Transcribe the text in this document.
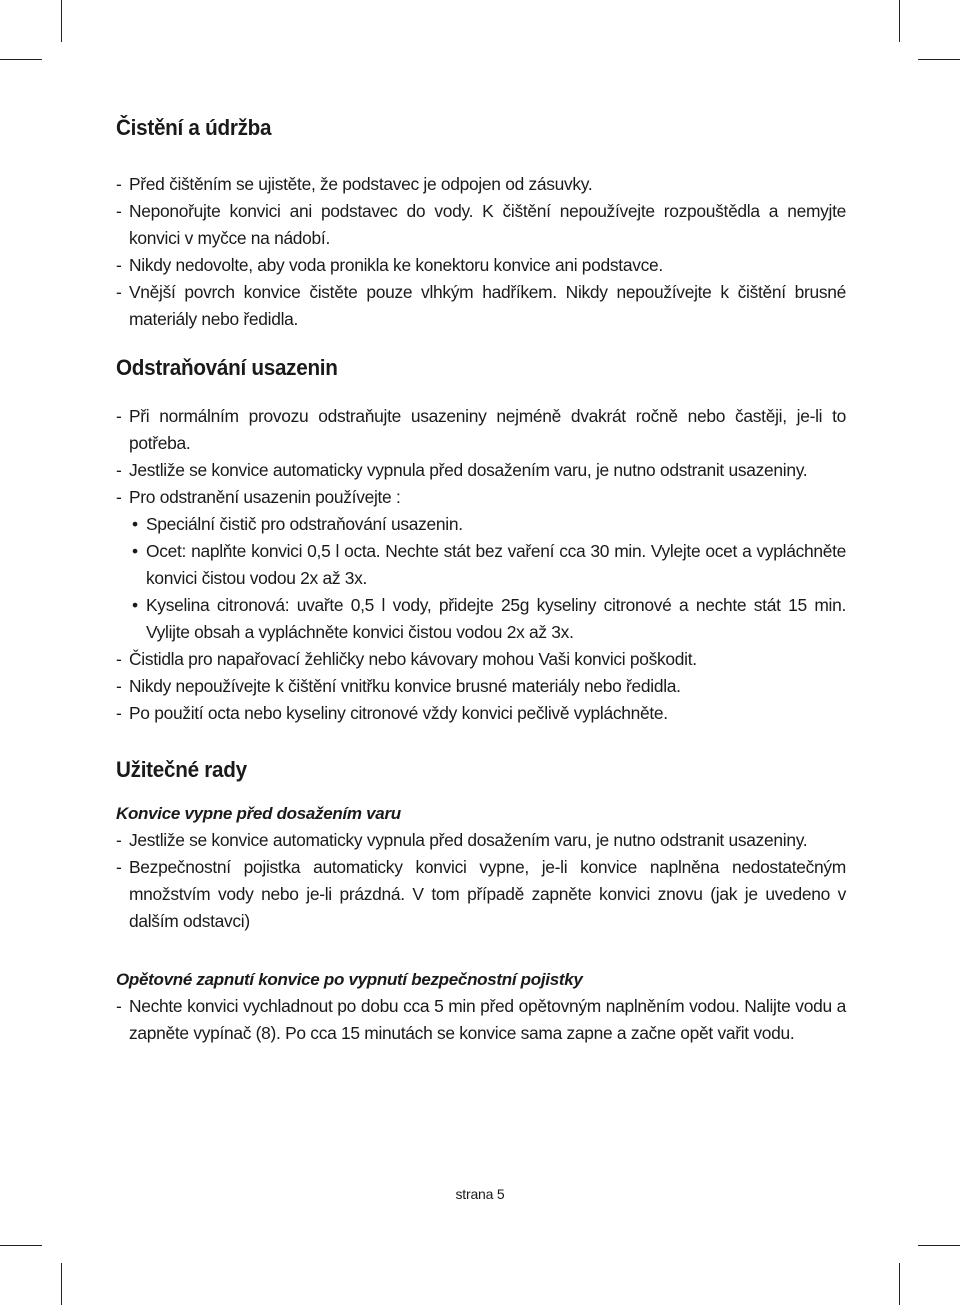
Čistění a údržba
- Před čištěním se ujistěte, že podstavec je odpojen od zásuvky.
- Neponořujte konvici ani podstavec do vody. K čištění nepoužívejte rozpouštědla a nemyjte konvici v myčce na nádobí.
- Nikdy nedovolte, aby voda pronikla ke konektoru konvice ani podstavce.
- Vnější povrch konvice čistěte pouze vlhkým hadříkem. Nikdy nepoužívejte k čištění brusné materiály nebo ředidla.
Odstraňování usazenin
- Při normálním provozu odstraňujte usazeniny nejméně dvakrát ročně nebo častěji, je-li to potřeba.
- Jestliže se konvice automaticky vypnula před dosažením varu, je nutno odstranit usazeniny.
- Pro odstranění usazenin používejte :
• Speciální čistič pro odstraňování usazenin.
• Ocet: naplňte konvici 0,5 l octa. Nechte stát bez vaření cca 30 min. Vylejte ocet a vypláchněte konvici čistou vodou 2x až 3x.
• Kyselina citronová: uvařte 0,5 l vody, přidejte 25g kyseliny citronové a nechte stát 15 min. Vylijte obsah a vypláchněte konvici čistou vodou 2x až 3x.
- Čistidla pro napařovací žehličky nebo kávovary mohou Vaši konvici poškodit.
- Nikdy nepoužívejte k čištění vnitřku konvice brusné materiály nebo ředidla.
- Po použití octa nebo kyseliny citronové vždy konvici pečlivě vypláchněte.
Užitečné rady
Konvice vypne před dosažením varu
- Jestliže se konvice automaticky vypnula před dosažením varu, je nutno odstranit usazeniny.
- Bezpečnostní pojistka automaticky konvici vypne, je-li konvice naplněna nedostatečným množstvím vody nebo je-li prázdná. V tom případě zapněte konvici znovu (jak je uvedeno v dalším odstavci)
Opětovné zapnutí konvice po vypnutí bezpečnostní pojistky
- Nechte konvici vychladnout po dobu cca 5 min před opětovným naplněním vodou. Nalijte vodu a zapněte vypínač (8). Po cca 15 minutách se konvice sama zapne a začne opět vařit vodu.
strana 5
